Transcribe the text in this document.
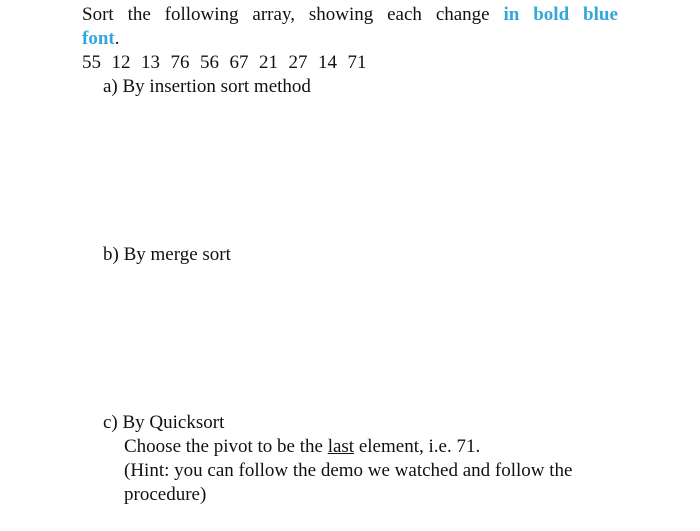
Sort the following array, showing each change in bold blue
font.
55 12 13 76 56 67 21 27 14 71
a) By insertion sort method
b) By merge sort
c) By Quicksort
Choose the pivot to be the last element, i.e. 71.
(Hint: you can follow the demo we watched and follow the
procedure)
